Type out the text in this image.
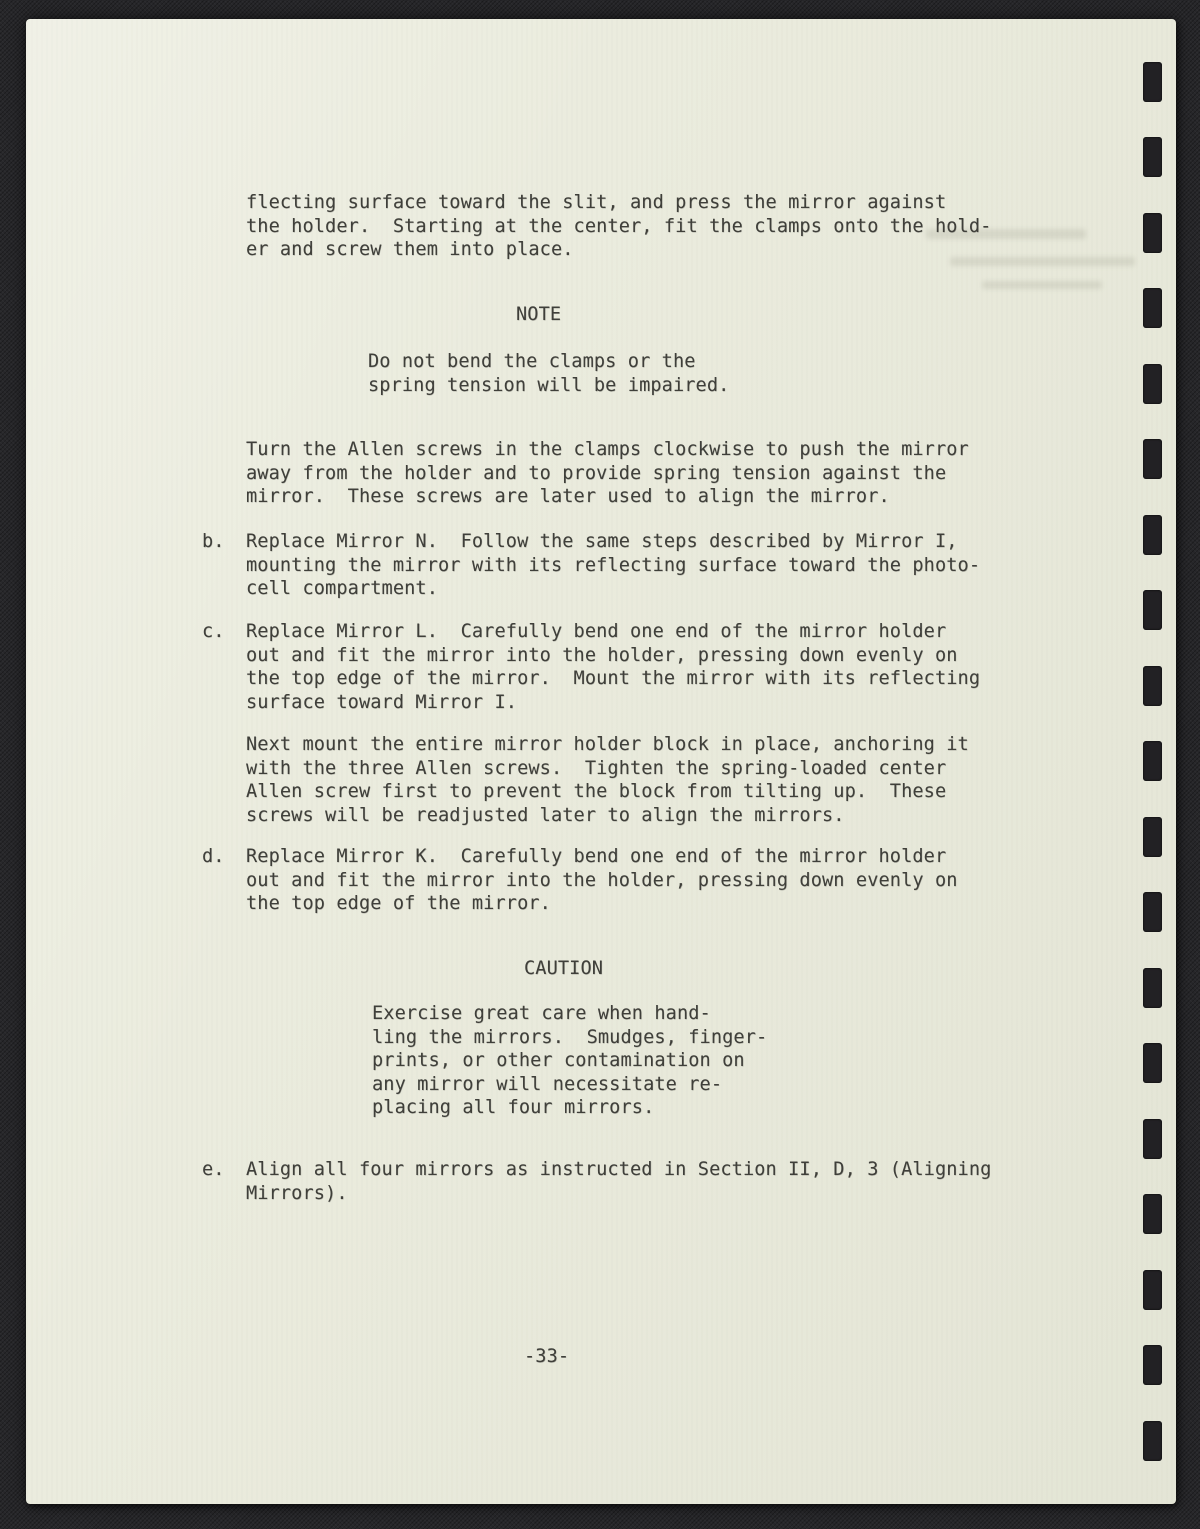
flecting surface toward the slit, and press the mirror against
the holder.  Starting at the center, fit the clamps onto the hold-
er and screw them into place.
NOTE
Do not bend the clamps or the
spring tension will be impaired.
Turn the Allen screws in the clamps clockwise to push the mirror
away from the holder and to provide spring tension against the
mirror.  These screws are later used to align the mirror.
b.	Replace Mirror N.  Follow the same steps described by Mirror I,
mounting the mirror with its reflecting surface toward the photo-
cell compartment.
c.	Replace Mirror L.  Carefully bend one end of the mirror holder
out and fit the mirror into the holder, pressing down evenly on
the top edge of the mirror.  Mount the mirror with its reflecting
surface toward Mirror I.
Next mount the entire mirror holder block in place, anchoring it
with the three Allen screws.  Tighten the spring-loaded center
Allen screw first to prevent the block from tilting up.  These
screws will be readjusted later to align the mirrors.
d.	Replace Mirror K.  Carefully bend one end of the mirror holder
out and fit the mirror into the holder, pressing down evenly on
the top edge of the mirror.
CAUTION
Exercise great care when hand-
ling the mirrors.  Smudges, finger-
prints, or other contamination on
any mirror will necessitate re-
placing all four mirrors.
e.	Align all four mirrors as instructed in Section II, D, 3 (Aligning
Mirrors).
-33-
